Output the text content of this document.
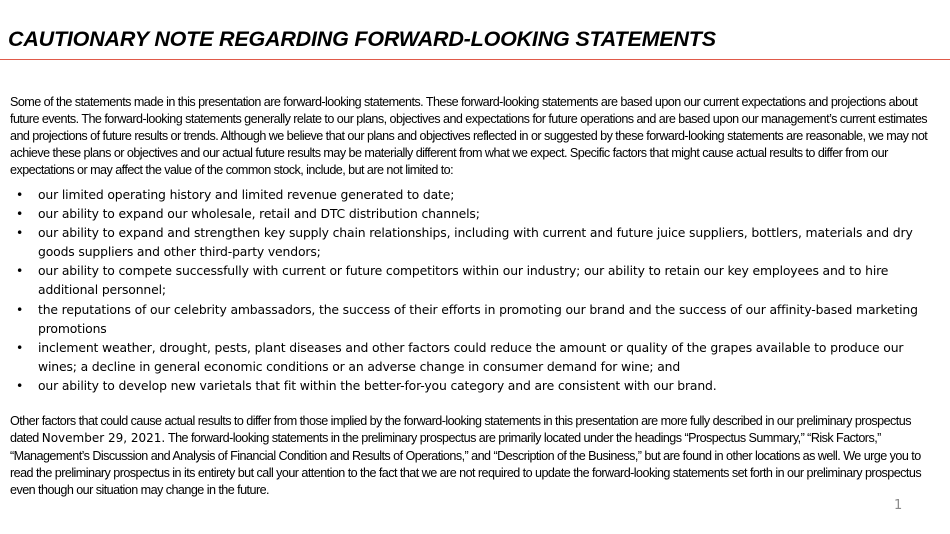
CAUTIONARY NOTE REGARDING FORWARD-LOOKING STATEMENTS

Some of the statements made in this presentation are forward-looking statements. These forward-looking statements are based upon our current expectations and projections about future events. The forward-looking statements generally relate to our plans, objectives and expectations for future operations and are based upon our management’s current estimates and projections of future results or trends. Although we believe that our plans and objectives reflected in or suggested by these forward-looking statements are reasonable, we may not achieve these plans or objectives and our actual future results may be materially different from what we expect. Specific factors that might cause actual results to differ from our expectations or may affect the value of the common stock, include, but are not limited to:

• our limited operating history and limited revenue generated to date;
• our ability to expand our wholesale, retail and DTC distribution channels;
• our ability to expand and strengthen key supply chain relationships, including with current and future juice suppliers, bottlers, materials and dry goods suppliers and other third-party vendors;
• our ability to compete successfully with current or future competitors within our industry; our ability to retain our key employees and to hire additional personnel;
• the reputations of our celebrity ambassadors, the success of their efforts in promoting our brand and the success of our affinity-based marketing promotions
• inclement weather, drought, pests, plant diseases and other factors could reduce the amount or quality of the grapes available to produce our wines; a decline in general economic conditions or an adverse change in consumer demand for wine; and
• our ability to develop new varietals that fit within the better-for-you category and are consistent with our brand.

Other factors that could cause actual results to differ from those implied by the forward-looking statements in this presentation are more fully described in our preliminary prospectus dated November 29, 2021. The forward-looking statements in the preliminary prospectus are primarily located under the headings “Prospectus Summary,” “Risk Factors,” “Management’s Discussion and Analysis of Financial Condition and Results of Operations,” and “Description of the Business,” but are found in other locations as well. We urge you to read the preliminary prospectus in its entirety but call your attention to the fact that we are not required to update the forward-looking statements set forth in our preliminary prospectus even though our situation may change in the future.

1
